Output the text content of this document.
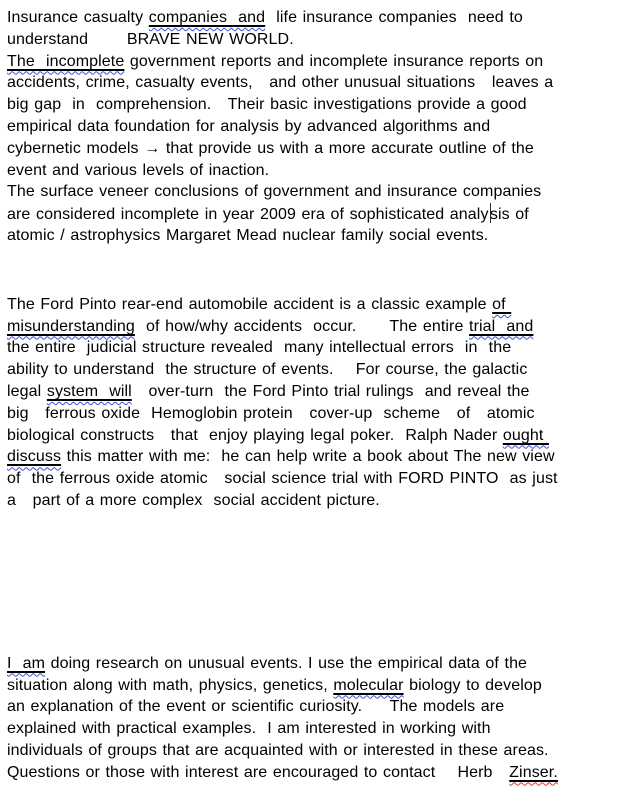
Insurance casualty companies  and  life insurance companies  need to
understand       BRAVE NEW WORLD.
The  incomplete government reports and incomplete insurance reports on
accidents, crime, casualty events,   and other unusual situations   leaves a
big gap  in  comprehension.   Their basic investigations provide a good
empirical data foundation for analysis by advanced algorithms and
cybernetic models → that provide us with a more accurate outline of the
event and various levels of inaction.
The surface veneer conclusions of government and insurance companies
are considered incomplete in year 2009 era of sophisticated analysis of
atomic / astrophysics Margaret Mead nuclear family social events.
The Ford Pinto rear-end automobile accident is a classic example of
misunderstanding  of how/why accidents  occur.      The entire trial  and
the entire  judicial structure revealed  many intellectual errors  in  the
ability to understand  the structure of events.    For course, the galactic
legal system  will   over-turn  the Ford Pinto trial rulings  and reveal the
big   ferrous oxide  Hemoglobin protein   cover-up  scheme   of   atomic
biological constructs   that  enjoy playing legal poker.  Ralph Nader ought
discuss this matter with me:  he can help write a book about The new view
of  the ferrous oxide atomic   social science trial with FORD PINTO  as just
a   part of a more complex  social accident picture.
I  am doing research on unusual events. I use the empirical data of the
situation along with math, physics, genetics, molecular biology to develop
an explanation of the event or scientific curiosity.     The models are
explained with practical examples.  I am interested in working with
individuals of groups that are acquainted with or interested in these areas.
Questions or those with interest are encouraged to contact    Herb   Zinser.
